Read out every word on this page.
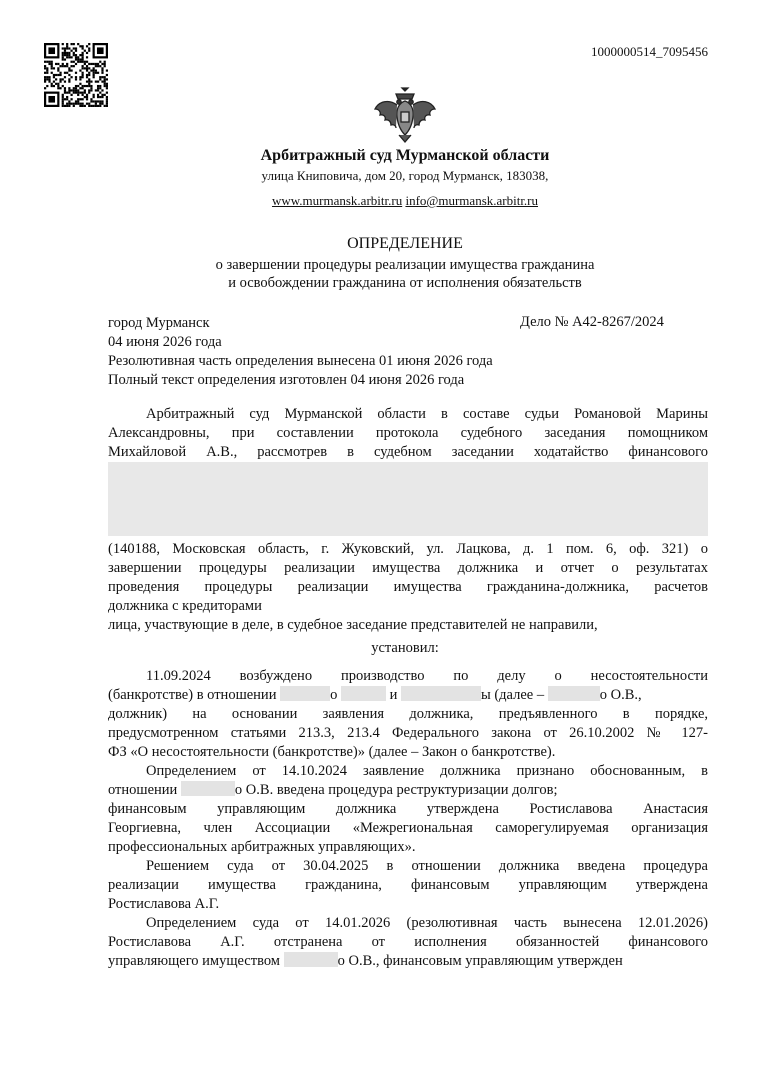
1000000514_7095456
Арбитражный суд Мурманской области
улица Книповича, дом 20, город Мурманск, 183038,
www.murmansk.arbitr.ru info@murmansk.arbitr.ru
ОПРЕДЕЛЕНИЕ
о завершении процедуры реализации имущества гражданина
и освобождении гражданина от исполнения обязательств
город Мурманск	Дело № А42-8267/2024
04 июня 2026 года
Резолютивная часть определения вынесена 01 июня 2026 года
Полный текст определения изготовлен 04 июня 2026 года
Арбитражный суд Мурманской области в составе судьи Романовой Марины
Александровны, при составлении протокола судебного заседания помощником
Михайловой А.В., рассмотрев в судебном заседании ходатайство финансового
(140188, Московская область, г. Жуковский, ул. Лацкова, д. 1 пом. 6, оф. 321) о
завершении процедуры реализации имущества должника и отчет о результатах
проведения процедуры реализации имущества гражданина-должника, расчетов
должника с кредиторами
лица, участвующие в деле, в судебное заседание представителей не направили,
установил:
11.09.2024 возбуждено производство по делу о несостоятельности
(банкротстве) в отношении	о	и	ы (далее –	о О.В.,
должник) на основании заявления должника, предъявленного в порядке,
предусмотренном статьями 213.3, 213.4 Федерального закона от 26.10.2002 № 127-
ФЗ «О несостоятельности (банкротстве)» (далее – Закон о банкротстве).
Определением от 14.10.2024 заявление должника признано обоснованным, в
отношении	о О.В. введена процедура реструктуризации долгов;
финансовым управляющим должника утверждена Ростиславова Анастасия
Георгиевна, член Ассоциации «Межрегиональная саморегулируемая организация
профессиональных арбитражных управляющих».
Решением суда от 30.04.2025 в отношении должника введена процедура
реализации имущества гражданина, финансовым управляющим утверждена
Ростиславова А.Г.
Определением суда от 14.01.2026 (резолютивная часть вынесена 12.01.2026)
Ростиславова А.Г. отстранена от исполнения обязанностей финансового
управляющего имуществом	о О.В., финансовым управляющим утвержден
